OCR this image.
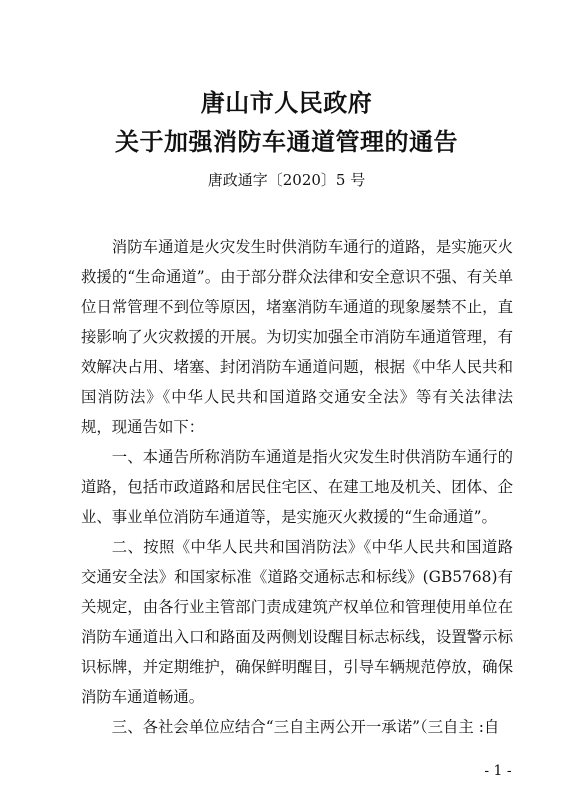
唐山市人民政府
关于加强消防车通道管理的通告
唐政通字〔2020〕5 号

消防车通道是火灾发生时供消防车通行的道路，是实施灭火救援的“生命通道”。由于部分群众法律和安全意识不强、有关单位日常管理不到位等原因，堵塞消防车通道的现象屡禁不止，直接影响了火灾救援的开展。为切实加强全市消防车通道管理，有效解决占用、堵塞、封闭消防车通道问题，根据《中华人民共和国消防法》《中华人民共和国道路交通安全法》等有关法律法规，现通告如下：

一、本通告所称消防车通道是指火灾发生时供消防车通行的道路，包括市政道路和居民住宅区、在建工地及机关、团体、企业、事业单位消防车通道等，是实施灭火救援的“生命通道”。

二、按照《中华人民共和国消防法》《中华人民共和国道路交通安全法》和国家标准《道路交通标志和标线》(GB5768)有关规定，由各行业主管部门责成建筑产权单位和管理使用单位在消防车通道出入口和路面及两侧划设醒目标志标线，设置警示标识标牌，并定期维护，确保鲜明醒目，引导车辆规范停放，确保消防车通道畅通。

三、各社会单位应结合“三自主两公开一承诺”（三自主 :自

- 1 -
